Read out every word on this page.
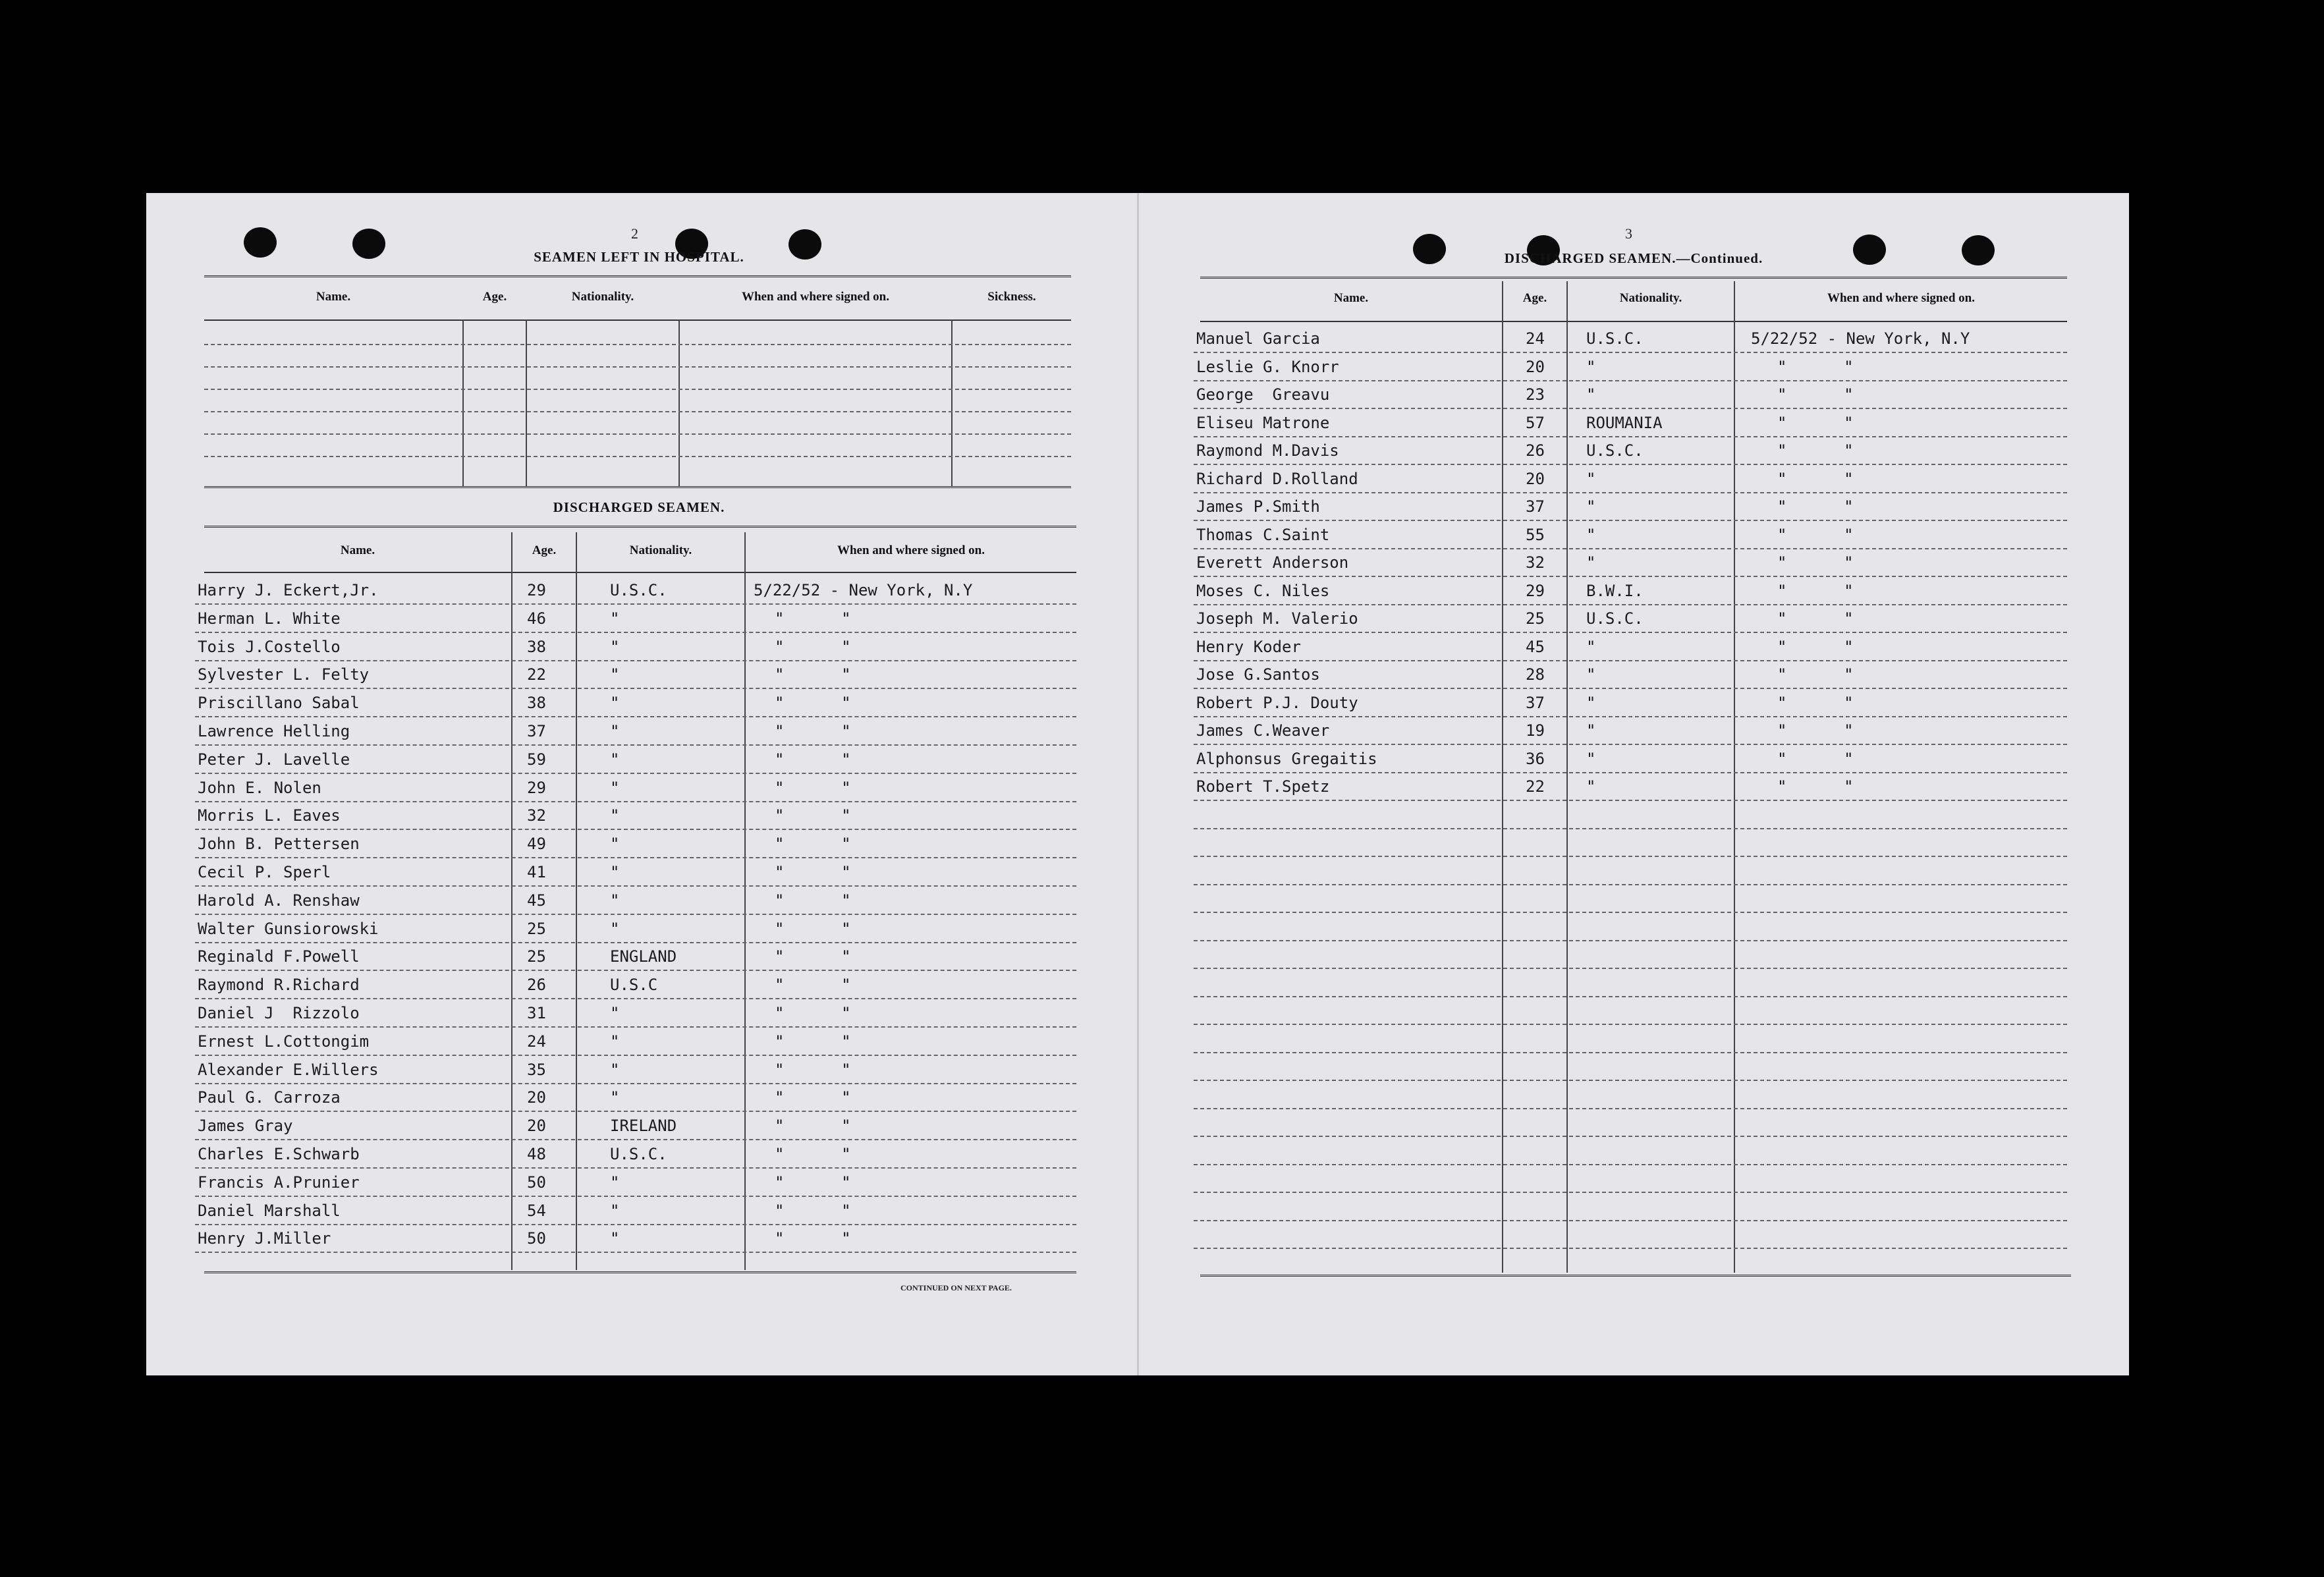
2
SEAMEN LEFT IN HOSPITAL.
Name.	Age.	Nationality.	When and where signed on.	Sickness.
DISCHARGED SEAMEN.
Name.	Age.	Nationality.	When and where signed on.
Harry J. Eckert,Jr.	29	U.S.C.	5/22/52 - New York, N.Y
Herman L. White	46	"	"      "
Tois J.Costello	38	"	"      "
Sylvester L. Felty	22	"	"      "
Priscillano Sabal	38	"	"      "
Lawrence Helling	37	"	"      "
Peter J. Lavelle	59	"	"      "
John E. Nolen	29	"	"      "
Morris L. Eaves	32	"	"      "
John B. Pettersen	49	"	"      "
Cecil P. Sperl	41	"	"      "
Harold A. Renshaw	45	"	"      "
Walter Gunsiorowski	25	"	"      "
Reginald F.Powell	25	ENGLAND	"      "
Raymond R.Richard	26	U.S.C	"      "
Daniel J  Rizzolo	31	"	"      "
Ernest L.Cottongim	24	"	"      "
Alexander E.Willers	35	"	"      "
Paul G. Carroza	20	"	"      "
James Gray	20	IRELAND	"      "
Charles E.Schwarb	48	U.S.C.	"      "
Francis A.Prunier	50	"	"      "
Daniel Marshall	54	"	"      "
Henry J.Miller	50	"	"      "
CONTINUED ON NEXT PAGE.
3
DISCHARGED SEAMEN.—Continued.
Name.	Age.	Nationality.	When and where signed on.
Manuel Garcia	24	U.S.C.	5/22/52 - New York, N.Y
Leslie G. Knorr	20	"	"      "
George  Greavu	23	"	"      "
Eliseu Matrone	57	ROUMANIA	"      "
Raymond M.Davis	26	U.S.C.	"      "
Richard D.Rolland	20	"	"      "
James P.Smith	37	"	"      "
Thomas C.Saint	55	"	"      "
Everett Anderson	32	"	"      "
Moses C. Niles	29	B.W.I.	"      "
Joseph M. Valerio	25	U.S.C.	"      "
Henry Koder	45	"	"      "
Jose G.Santos	28	"	"      "
Robert P.J. Douty	37	"	"      "
James C.Weaver	19	"	"      "
Alphonsus Gregaitis	36	"	"      "
Robert T.Spetz	22	"	"      "
